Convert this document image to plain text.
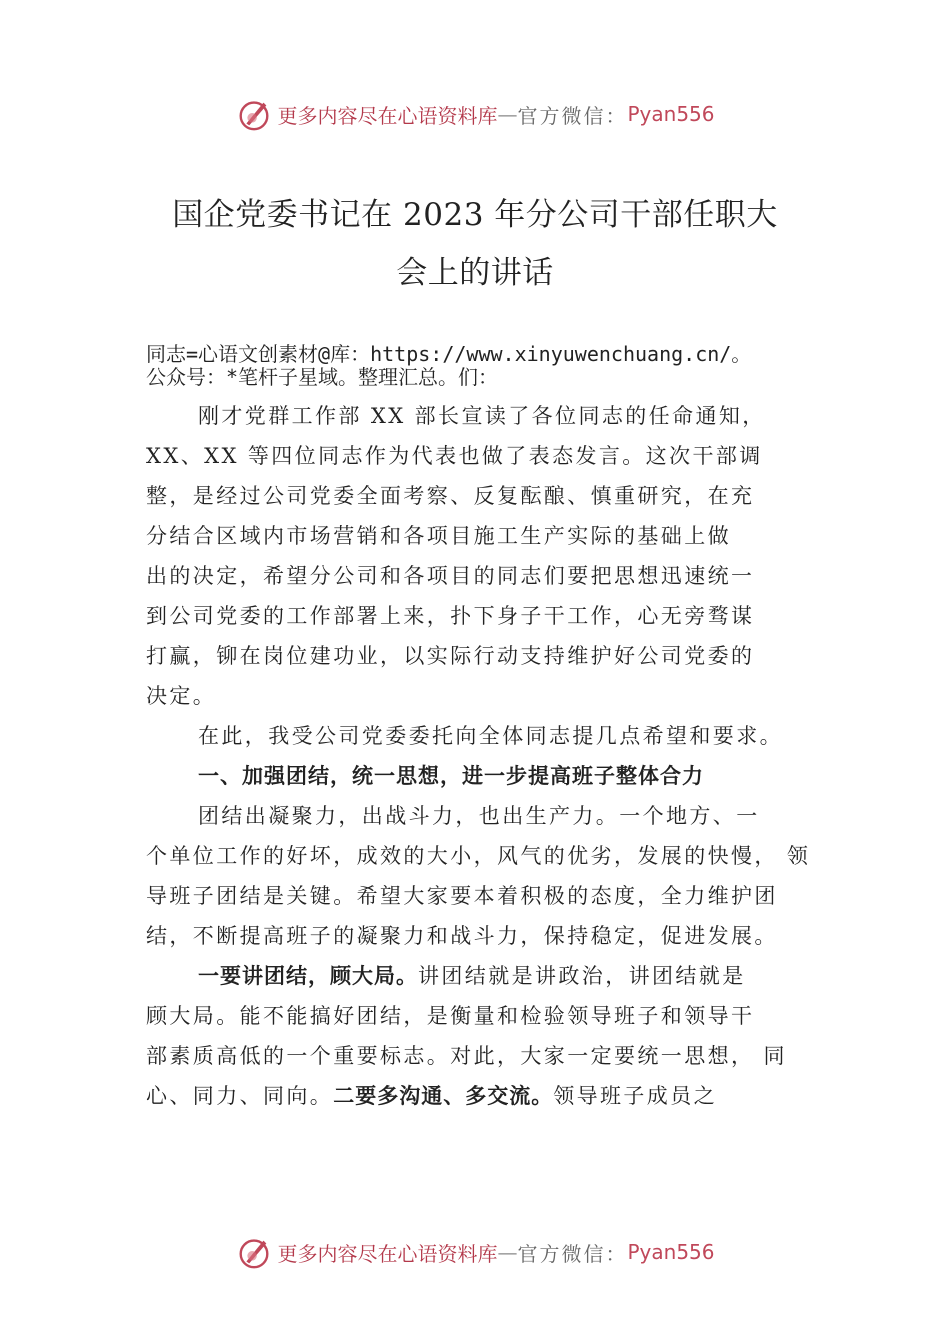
更多内容尽在心语资料库 — 官方微信： Pyan556
国企党委书记在 2023 年分公司干部任职大
会上的讲话
同志=心语文创素材@库：https://www.xinyuwenchuang.cn/。
公众号：*笔杆子星域。整理汇总。们：
刚才党群工作部 XX 部长宣读了各位同志的任命通知，
XX、XX 等四位同志作为代表也做了表态发言。这次干部调
整，是经过公司党委全面考察、反复酝酿、慎重研究，在充
分结合区域内市场营销和各项目施工生产实际的基础上做
出的决定，希望分公司和各项目的同志们要把思想迅速统一
到公司党委的工作部署上来，扑下身子干工作，心无旁骛谋
打赢，铆在岗位建功业，以实际行动支持维护好公司党委的
决定。
在此，我受公司党委委托向全体同志提几点希望和要求。
一、加强团结，统一思想，进一步提高班子整体合力
团结出凝聚力，出战斗力，也出生产力。一个地方、一
个单位工作的好坏，成效的大小，风气的优劣，发展的快慢， 领
导班子团结是关键。希望大家要本着积极的态度，全力维护团
结，不断提高班子的凝聚力和战斗力，保持稳定，促进发展。
一要讲团结，顾大局。讲团结就是讲政治，讲团结就是
顾大局。能不能搞好团结，是衡量和检验领导班子和领导干
部素质高低的一个重要标志。对此，大家一定要统一思想， 同
心、同力、同向。二要多沟通、多交流。领导班子成员之
更多内容尽在心语资料库 — 官方微信： Pyan556
